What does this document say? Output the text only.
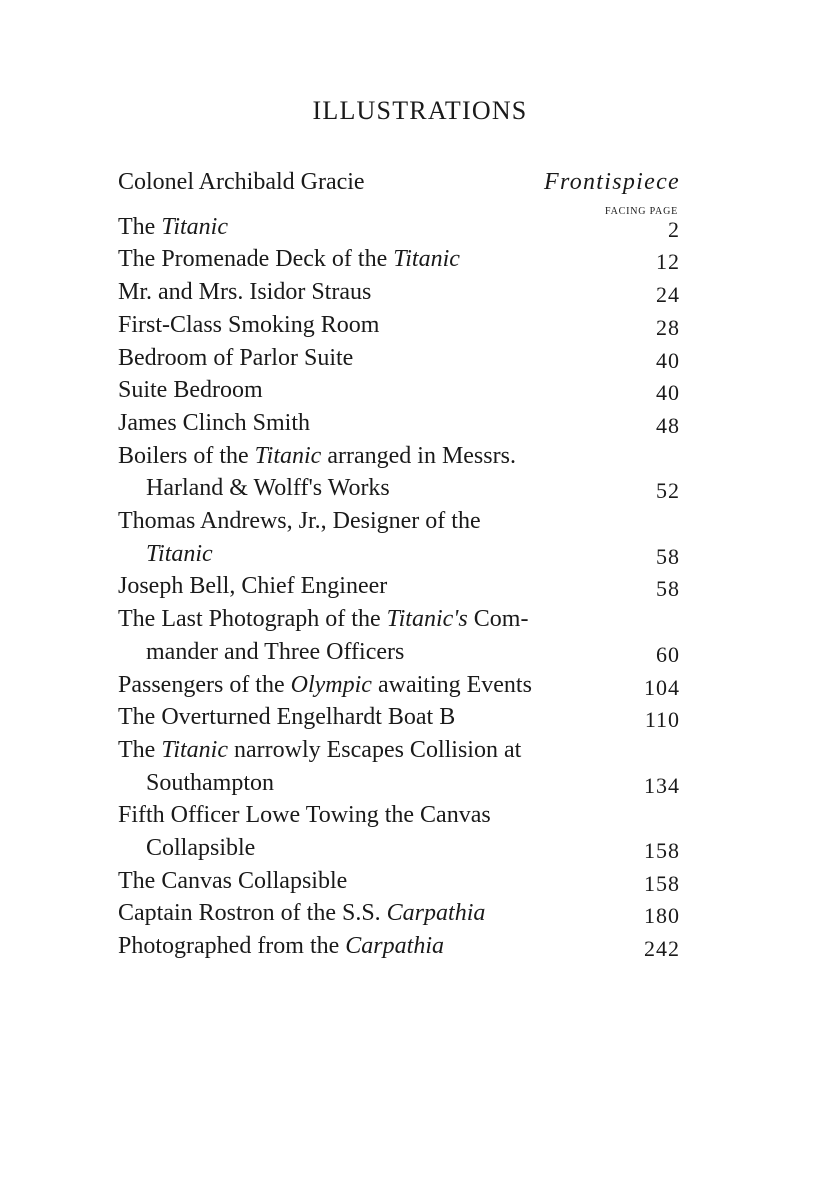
ILLUSTRATIONS
FACING PAGE
Colonel Archibald Gracie	Frontispiece
The Titanic	2
The Promenade Deck of the Titanic	12
Mr. and Mrs. Isidor Straus	24
First-Class Smoking Room	28
Bedroom of Parlor Suite	40
Suite Bedroom	40
James Clinch Smith	48
Boilers of the Titanic arranged in Messrs.
Harland & Wolff's Works	52
Thomas Andrews, Jr., Designer of the
Titanic	58
Joseph Bell, Chief Engineer	58
The Last Photograph of the Titanic's Com-
mander and Three Officers	60
Passengers of the Olympic awaiting Events	104
The Overturned Engelhardt Boat B	110
The Titanic narrowly Escapes Collision at
Southampton	134
Fifth Officer Lowe Towing the Canvas
Collapsible	158
The Canvas Collapsible	158
Captain Rostron of the S.S. Carpathia	180
Photographed from the Carpathia	242
